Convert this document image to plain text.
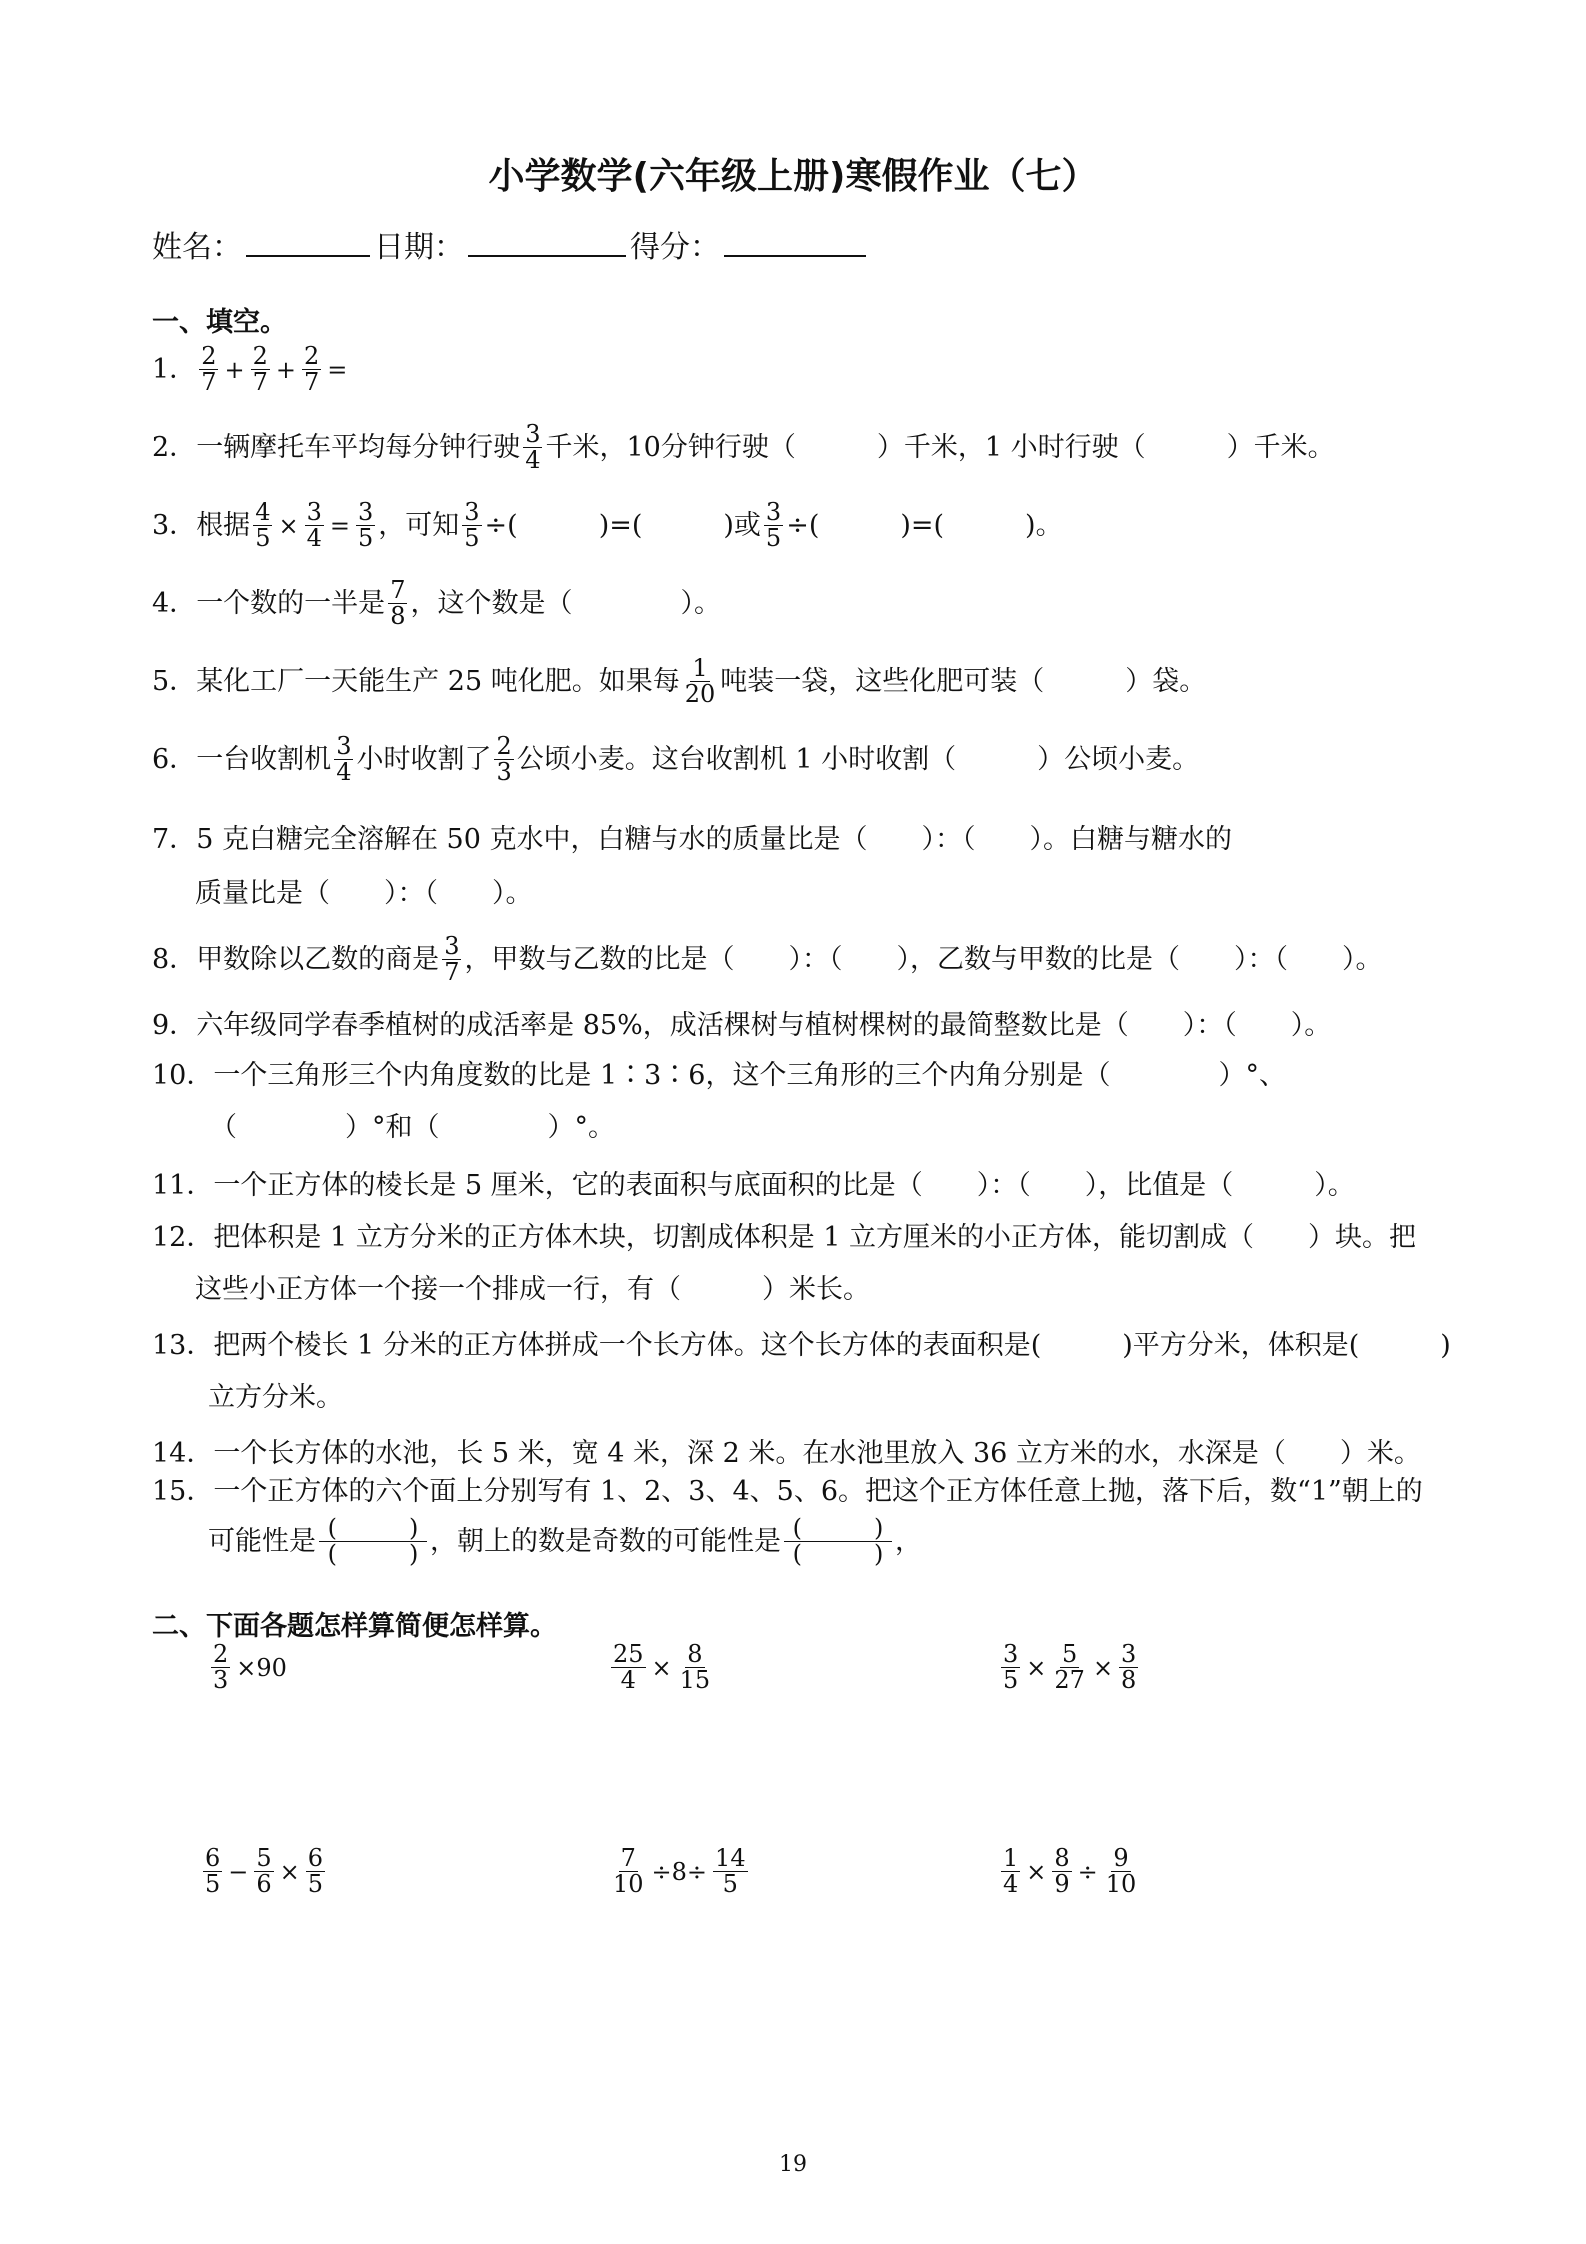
小学数学(六年级上册)寒假作业（七）
姓名：	日期：	得分：
一、填空。
1． $\frac{2}{7} + \frac{2}{7} + \frac{2}{7}$ =
2． 一辆摩托车平均每分钟行驶 $\frac{3}{4}$ 千米，10分钟行驶（　　　）千米，1 小时行驶（　　　）千米。
3． 根据 $\frac{4}{5} \times \frac{3}{4} = \frac{3}{5}$ ，可知 $\frac{3}{5}$ ÷(　　　)=(　　　)或 $\frac{3}{5}$ ÷(　　　)=(　　　)。
4． 一个数的一半是 $\frac{7}{8}$ ，这个数是（　　　　）。
5． 某化工厂一天能生产 25 吨化肥。如果每 $\frac{1}{20}$ 吨装一袋，这些化肥可装（　　　）袋。
6． 一台收割机 $\frac{3}{4}$ 小时收割了 $\frac{2}{3}$ 公顷小麦。这台收割机 1 小时收割（　　　）公顷小麦。
7． 5 克白糖完全溶解在 50 克水中，白糖与水的质量比是（　　）：（　　）。白糖与糖水的
质量比是（　　）：（　　）。
8． 甲数除以乙数的商是 $\frac{3}{7}$ ，甲数与乙数的比是（　　）：（　　），乙数与甲数的比是（　　）：（　　）。
9． 六年级同学春季植树的成活率是 85%，成活棵树与植树棵树的最简整数比是（　　）：（　　）。
10． 一个三角形三个内角度数的比是 1∶3∶6，这个三角形的三个内角分别是（　　　　）°、
（　　　　）°和（　　　　）°。
11． 一个正方体的棱长是 5 厘米，它的表面积与底面积的比是（　　）：（　　），比值是（　　　）。
12． 把体积是 1 立方分米的正方体木块，切割成体积是 1 立方厘米的小正方体，能切割成（　　）块。把
这些小正方体一个接一个排成一行，有（　　　）米长。
13． 把两个棱长 1 分米的正方体拼成一个长方体。这个长方体的表面积是(　　　)平方分米，体积是(　　　)
立方分米。
14． 一个长方体的水池，长 5 米，宽 4 米，深 2 米。在水池里放入 36 立方米的水，水深是（　　）米。
15． 一个正方体的六个面上分别写有 1、2、3、4、5、6。把这个正方体任意上抛，落下后，数“1”朝上的
可能性是 $\frac{( )}{( )}$ ，朝上的数是奇数的可能性是 $\frac{( )}{( )}$ ，
二、下面各题怎样算简便怎样算。
$\frac{2}{3} \times 90$	$\frac{25}{4} \times \frac{8}{15}$	$\frac{3}{5} \times \frac{5}{27} \times \frac{3}{8}$
$\frac{6}{5} - \frac{5}{6} \times \frac{6}{5}$	$\frac{7}{10} \div 8\div \frac{14}{5}$	$\frac{1}{4} \times \frac{8}{9} \div \frac{9}{10}$
19
